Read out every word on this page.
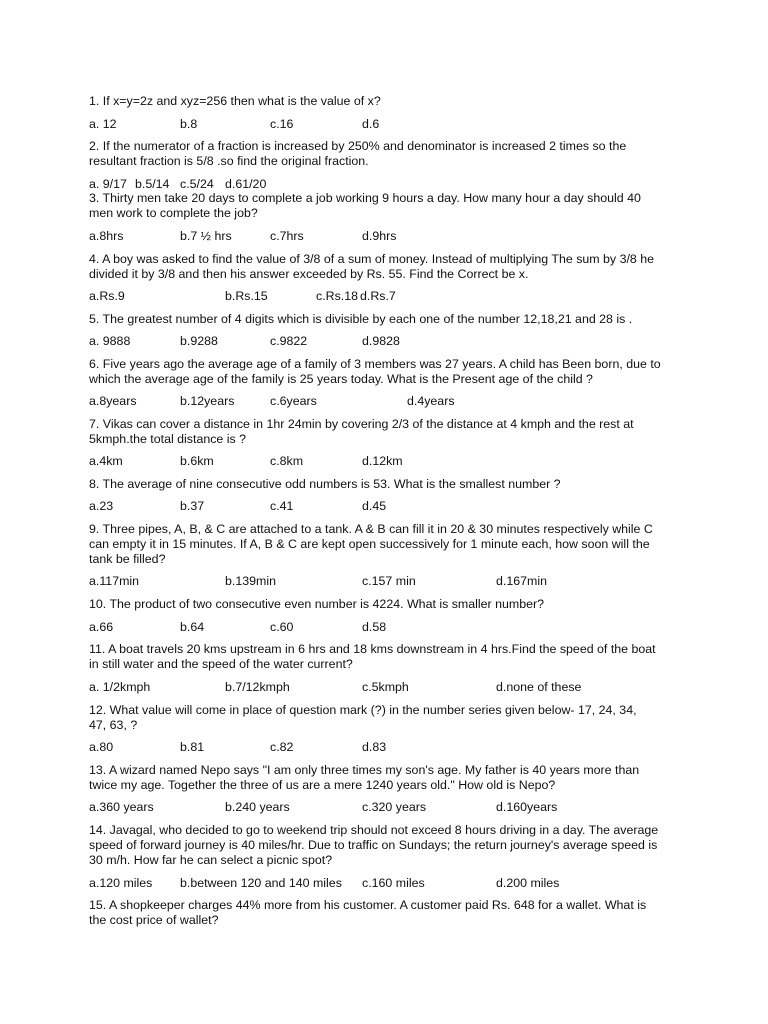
1. If x=y=2z and xyz=256 then what is the value of x?
a. 12	b.8	c.16	d.6
2. If the numerator of a fraction is increased by 250% and denominator is increased 2 times so the
resultant fraction is 5/8 .so find the original fraction.
a. 9/17 b.5/14 c.5/24 d.61/20
3. Thirty men take 20 days to complete a job working 9 hours a day. How many hour a day should 40
men work to complete the job?
a.8hrs	b.7 ½ hrs	c.7hrs	d.9hrs
4. A boy was asked to find the value of 3/8 of a sum of money. Instead of multiplying The sum by 3/8 he
divided it by 3/8 and then his answer exceeded by Rs. 55. Find the Correct be x.
a.Rs.9	b.Rs.15	c.Rs.18 d.Rs.7
5. The greatest number of 4 digits which is divisible by each one of the number 12,18,21 and 28 is .
a. 9888	b.9288	c.9822	d.9828
6. Five years ago the average age of a family of 3 members was 27 years. A child has Been born, due to
which the average age of the family is 25 years today. What is the Present age of the child ?
a.8years	b.12years	c.6years	d.4years
7. Vikas can cover a distance in 1hr 24min by covering 2/3 of the distance at 4 kmph and the rest at
5kmph.the total distance is ?
a.4km	b.6km	c.8km	d.12km
8. The average of nine consecutive odd numbers is 53. What is the smallest number ?
a.23	b.37	c.41	d.45
9. Three pipes, A, B, & C are attached to a tank. A & B can fill it in 20 & 30 minutes respectively while C
can empty it in 15 minutes. If A, B & C are kept open successively for 1 minute each, how soon will the
tank be filled?
a.117min	b.139min	c.157 min	d.167min
10. The product of two consecutive even number is 4224. What is smaller number?
a.66	b.64	c.60	d.58
11. A boat travels 20 kms upstream in 6 hrs and 18 kms downstream in 4 hrs.Find the speed of the boat
in still water and the speed of the water current?
a. 1/2kmph	b.7/12kmph	c.5kmph	d.none of these
12. What value will come in place of question mark (?) in the number series given below- 17, 24, 34,
47, 63, ?
a.80	b.81	c.82	d.83
13. A wizard named Nepo says "I am only three times my son's age. My father is 40 years more than
twice my age. Together the three of us are a mere 1240 years old." How old is Nepo?
a.360 years	b.240 years	c.320 years	d.160years
14. Javagal, who decided to go to weekend trip should not exceed 8 hours driving in a day. The average
speed of forward journey is 40 miles/hr. Due to traffic on Sundays; the return journey's average speed is
30 m/h. How far he can select a picnic spot?
a.120 miles b.between 120 and 140 miles c.160 miles	d.200 miles
15. A shopkeeper charges 44% more from his customer. A customer paid Rs. 648 for a wallet. What is
the cost price of wallet?
